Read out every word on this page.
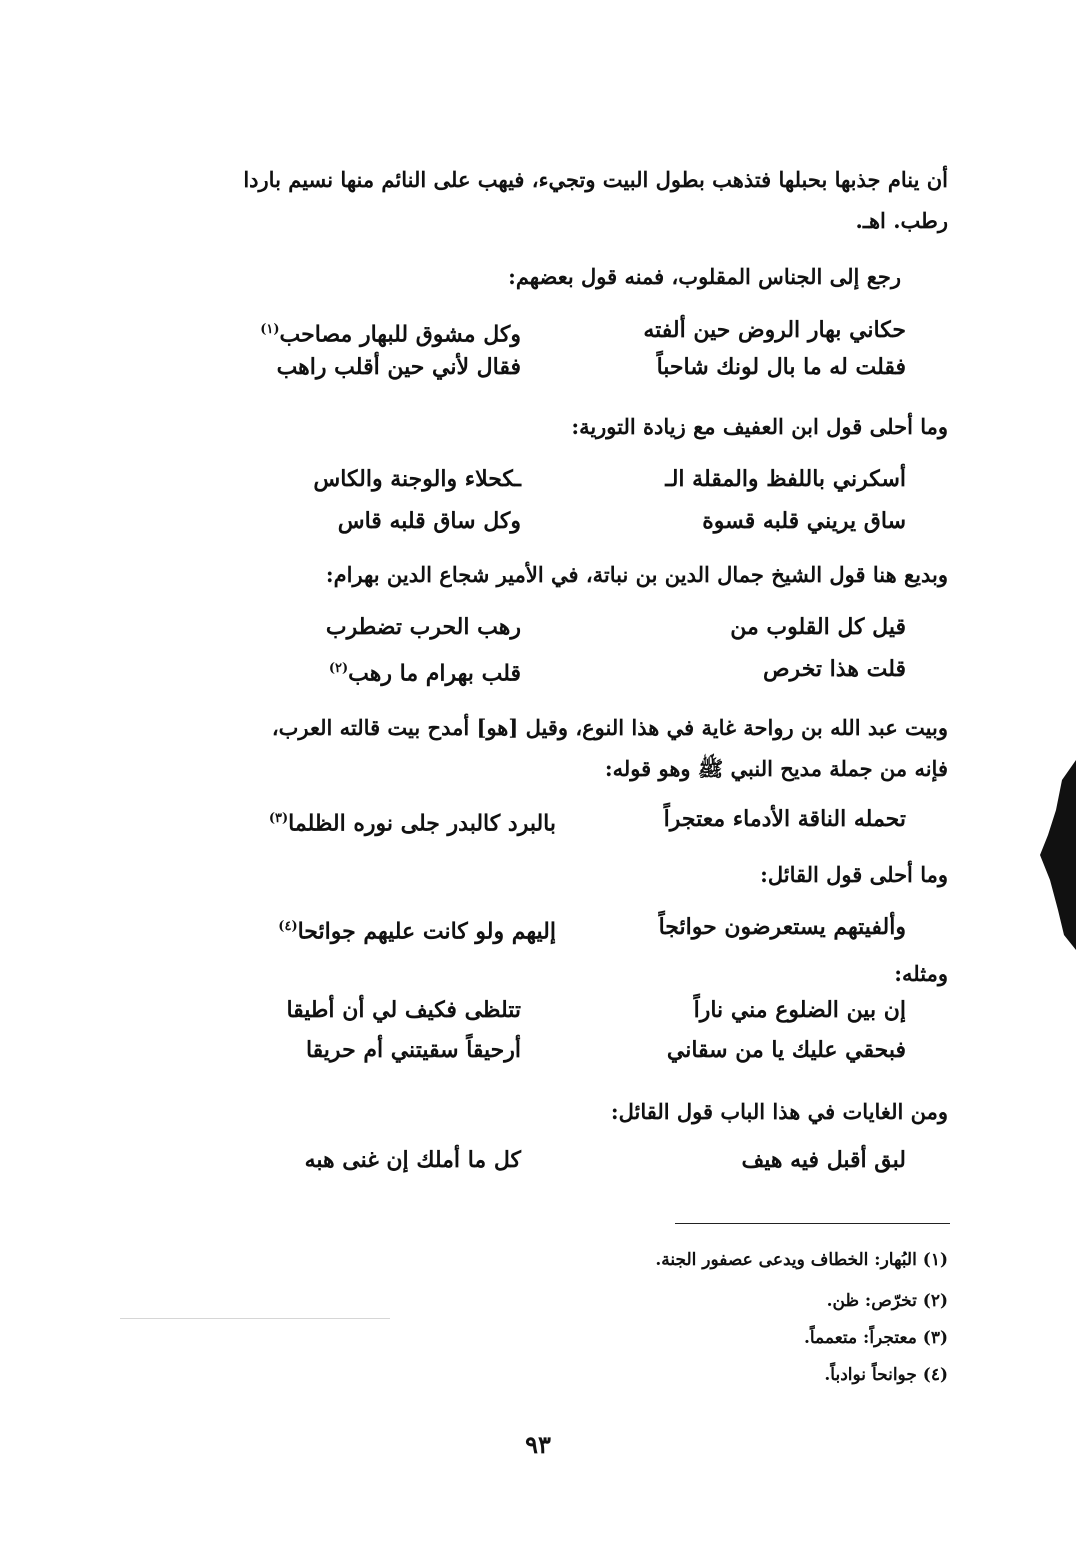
أن ينام جذبها بحبلها فتذهب بطول البيت وتجيء، فيهب على النائم منها نسيم باردا
رطب. اهـ.
رجع إلى الجناس المقلوب، فمنه قول بعضهم:
حكاني بهار الروض حين ألفته
وكل مشوق للبهار مصاحب$^{(١)}$
فقلت له ما بال لونك شاحباً
فقال لأني حين أقلب راهب
وما أحلى قول ابن العفيف مع زيادة التورية:
أسكرني باللفظ والمقلة الـ
ـكحلاء والوجنة والكاس
ساق يريني قلبه قسوة
وكل ساق قلبه قاس
وبديع هنا قول الشيخ جمال الدين بن نباتة، في الأمير شجاع الدين بهرام:
قيل كل القلوب من
رهب الحرب تضطرب
قلت هذا تخرص
قلب بهرام ما رهب$^{(٢)}$
وبيت عبد الله بن رواحة غاية في هذا النوع، وقيل [هو] أمدح بيت قالته العرب،
فإنه من جملة مديح النبي ﷺ وهو قوله:
تحمله الناقة الأدماء معتجراً
بالبرد كالبدر جلى نوره الظلما$^{(٣)}$
وما أحلى قول القائل:
وألفيتهم يستعرضون حوائجاً
إليهم ولو كانت عليهم جوائحا$^{(٤)}$
ومثله:
إن بين الضلوع مني ناراً
تتلظى فكيف لي أن أطيقا
فبحقي عليك يا من سقاني
أرحيقاً سقيتني أم حريقا
ومن الغايات في هذا الباب قول القائل:
لبق أقبل فيه هيف
كل ما أملك إن غنى هبه
(١) البُهار: الخطاف ويدعى عصفور الجنة.
(٢) تخرّص: ظن.
(٣) معتجراً: متعمماً.
(٤) جوانحاً نوادباً.
٩٣
